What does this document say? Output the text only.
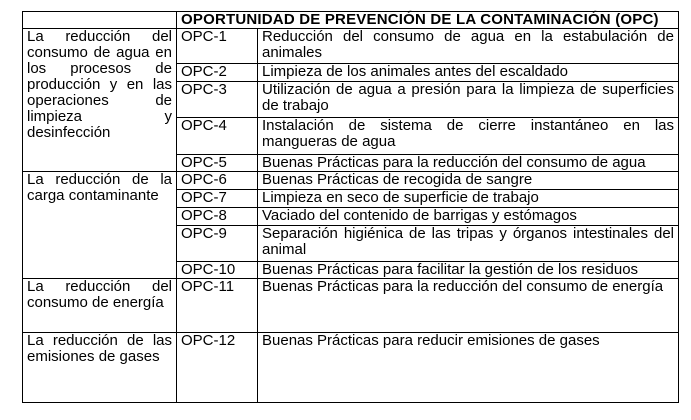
	OPORTUNIDAD DE PREVENCIÓN DE LA CONTAMINACIÓN (OPC)	
La reducción del consumo de agua en los procesos de producción y en las operaciones de limpieza y desinfección	OPC-1	Reducción del consumo de agua en la estabulación de animales
	OPC-2	Limpieza de los animales antes del escaldado
	OPC-3	Utilización de agua a presión para la limpieza de superficies de trabajo
	OPC-4	Instalación de sistema de cierre instantáneo en las mangueras de agua
	OPC-5	Buenas Prácticas para la reducción del consumo de agua
La reducción de la carga contaminante	OPC-6	Buenas Prácticas de recogida de sangre
	OPC-7	Limpieza en seco de superficie de trabajo
	OPC-8	Vaciado del contenido de barrigas y estómagos
	OPC-9	Separación higiénica de las tripas y órganos intestinales del animal
	OPC-10	Buenas Prácticas para facilitar la gestión de los residuos
La reducción del consumo de energía	OPC-11	Buenas Prácticas para la reducción del consumo de energía
La reducción de las emisiones de gases	OPC-12	Buenas Prácticas para reducir emisiones de gases
